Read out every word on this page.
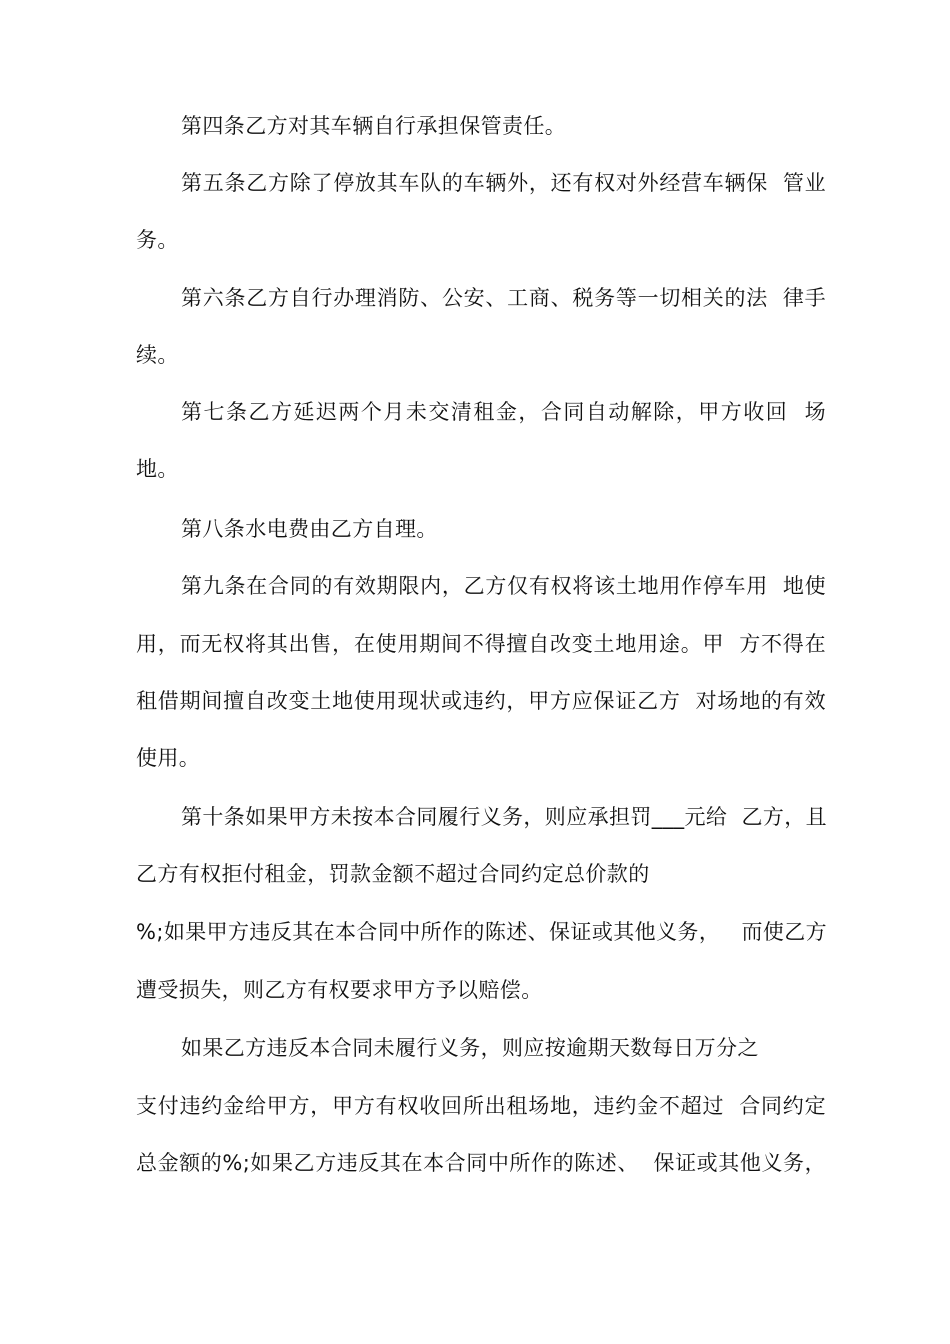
第四条乙方对其车辆自行承担保管责任。
第五条乙方除了停放其车队的车辆外，还有权对外经营车辆保  管业
务。
第六条乙方自行办理消防、公安、工商、税务等一切相关的法  律手
续。
第七条乙方延迟两个月未交清租金，合同自动解除，甲方收回  场
地。
第八条水电费由乙方自理。
第九条在合同的有效期限内，乙方仅有权将该土地用作停车用  地使
用，而无权将其出售，在使用期间不得擅自改变土地用途。甲  方不得在
租借期间擅自改变土地使用现状或违约，甲方应保证乙方  对场地的有效
使用。
第十条如果甲方未按本合同履行义务，则应承担罚___元给  乙方，且
乙方有权拒付租金，罚款金额不超过合同约定总价款的
%;如果甲方违反其在本合同中所作的陈述、保证或其他义务，   而使乙方
遭受损失，则乙方有权要求甲方予以赔偿。
如果乙方违反本合同未履行义务，则应按逾期天数每日万分之
支付违约金给甲方，甲方有权收回所出租场地，违约金不超过  合同约定
总金额的%;如果乙方违反其在本合同中所作的陈述、  保证或其他义务，
